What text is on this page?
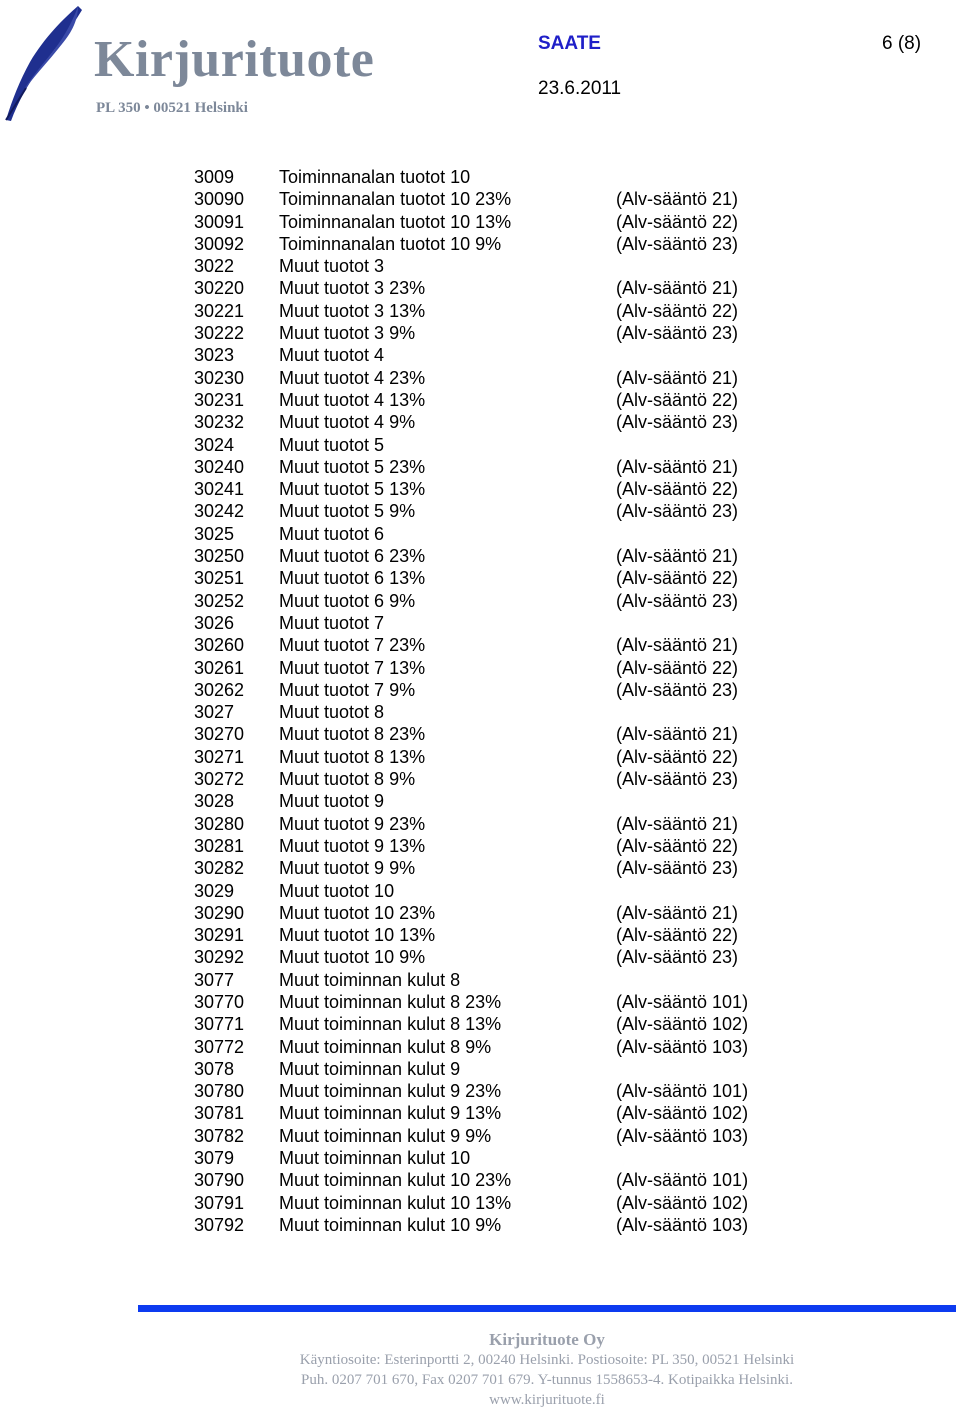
Kirjurituote
PL 350 • 00521 Helsinki
SAATE	6 (8)
23.6.2011
3009 Toiminnanalan tuotot 10
30090 Toiminnanalan tuotot 10 23%	(Alv-sääntö 21)
30091 Toiminnanalan tuotot 10 13%	(Alv-sääntö 22)
30092 Toiminnanalan tuotot 10 9%	(Alv-sääntö 23)
3022 Muut tuotot 3
30220 Muut tuotot 3 23%	(Alv-sääntö 21)
30221 Muut tuotot 3 13%	(Alv-sääntö 22)
30222 Muut tuotot 3 9%	(Alv-sääntö 23)
3023 Muut tuotot 4
30230 Muut tuotot 4 23%	(Alv-sääntö 21)
30231 Muut tuotot 4 13%	(Alv-sääntö 22)
30232 Muut tuotot 4 9%	(Alv-sääntö 23)
3024 Muut tuotot 5
30240 Muut tuotot 5 23%	(Alv-sääntö 21)
30241 Muut tuotot 5 13%	(Alv-sääntö 22)
30242 Muut tuotot 5 9%	(Alv-sääntö 23)
3025 Muut tuotot 6
30250 Muut tuotot 6 23%	(Alv-sääntö 21)
30251 Muut tuotot 6 13%	(Alv-sääntö 22)
30252 Muut tuotot 6 9%	(Alv-sääntö 23)
3026 Muut tuotot 7
30260 Muut tuotot 7 23%	(Alv-sääntö 21)
30261 Muut tuotot 7 13%	(Alv-sääntö 22)
30262 Muut tuotot 7 9%	(Alv-sääntö 23)
3027 Muut tuotot 8
30270 Muut tuotot 8 23%	(Alv-sääntö 21)
30271 Muut tuotot 8 13%	(Alv-sääntö 22)
30272 Muut tuotot 8 9%	(Alv-sääntö 23)
3028 Muut tuotot 9
30280 Muut tuotot 9 23%	(Alv-sääntö 21)
30281 Muut tuotot 9 13%	(Alv-sääntö 22)
30282 Muut tuotot 9 9%	(Alv-sääntö 23)
3029 Muut tuotot 10
30290 Muut tuotot 10 23%	(Alv-sääntö 21)
30291 Muut tuotot 10 13%	(Alv-sääntö 22)
30292 Muut tuotot 10 9%	(Alv-sääntö 23)
3077 Muut toiminnan kulut 8
30770 Muut toiminnan kulut 8 23%	(Alv-sääntö 101)
30771 Muut toiminnan kulut 8 13%	(Alv-sääntö 102)
30772 Muut toiminnan kulut 8 9%	(Alv-sääntö 103)
3078 Muut toiminnan kulut 9
30780 Muut toiminnan kulut 9 23%	(Alv-sääntö 101)
30781 Muut toiminnan kulut 9 13%	(Alv-sääntö 102)
30782 Muut toiminnan kulut 9 9%	(Alv-sääntö 103)
3079 Muut toiminnan kulut 10
30790 Muut toiminnan kulut 10 23%	(Alv-sääntö 101)
30791 Muut toiminnan kulut 10 13%	(Alv-sääntö 102)
30792 Muut toiminnan kulut 10 9%	(Alv-sääntö 103)
Kirjurituote Oy
Käyntiosoite: Esterinportti 2, 00240 Helsinki. Postiosoite: PL 350, 00521 Helsinki
Puh. 0207 701 670, Fax 0207 701 679. Y-tunnus 1558653-4. Kotipaikka Helsinki.
www.kirjurituote.fi
